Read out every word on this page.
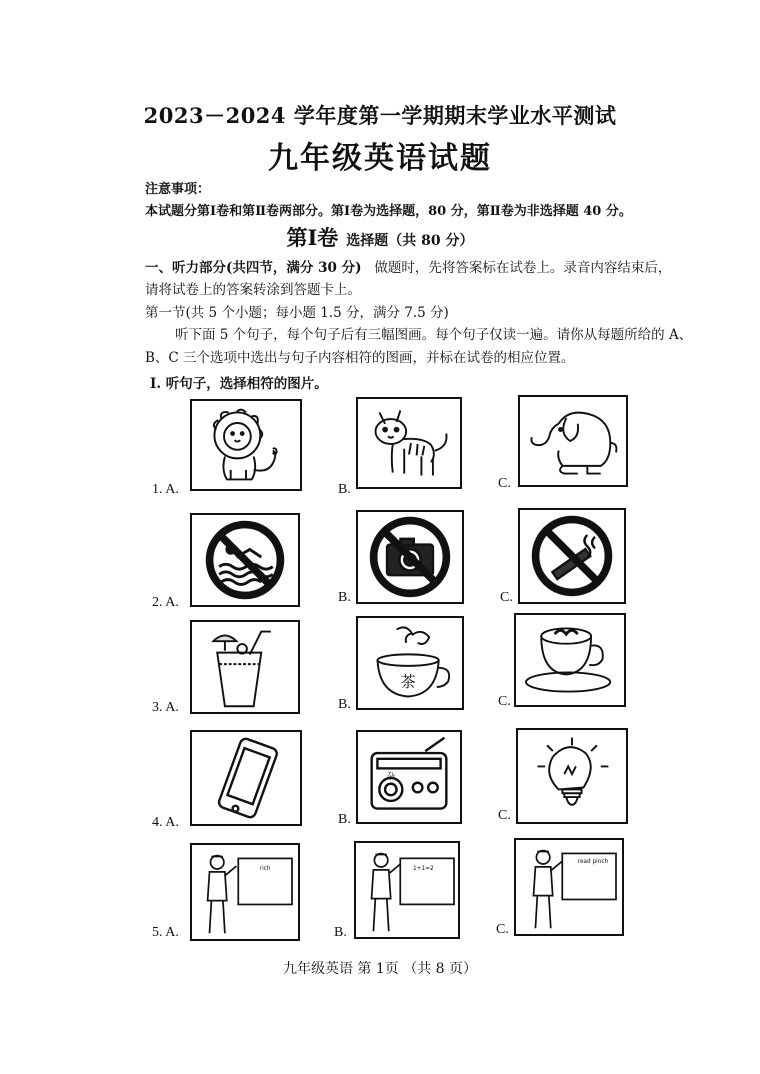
2023－2024 学年度第一学期期末学业水平测试
九年级英语试题
注意事项：
本试题分第Ⅰ卷和第Ⅱ卷两部分。第Ⅰ卷为选择题，80 分，第Ⅱ卷为非选择题 40 分。
第Ⅰ卷 选择题（共 80 分）
一、听力部分(共四节，满分 30 分) 做题时，先将答案标在试卷上。录音内容结束后，
请将试卷上的答案转涂到答题卡上。
第一节(共 5 个小题；每小题 1.5 分，满分 7.5 分)
听下面 5 个句子，每个句子后有三幅图画。每个句子仅读一遍。请你从每题所给的 A、
B、C 三个选项中选出与句子内容相符的图画，并标在试卷的相应位置。
I. 听句子，选择相符的图片。
1. A.	B.	C.
2. A.	B.	C.
3. A.	B.
茶
C.
4. A.	B.
杂
C.
5. A.
rich
B.
1+1=2
C.
read pinch
九年级英语 第 1页 （共 8 页）
